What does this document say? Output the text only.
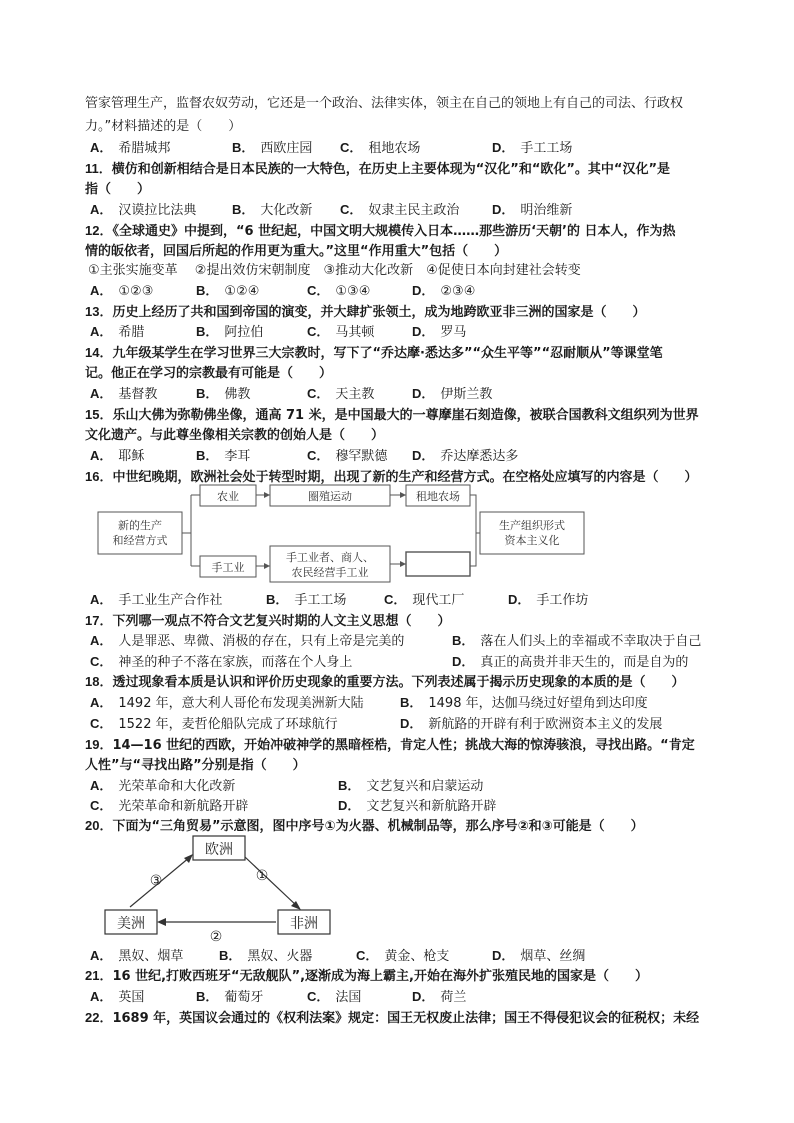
管家管理生产，监督农奴劳动，它还是一个政治、法律实体，领主在自己的领地上有自己的司法、行政权
力。”材料描述的是（　　）
A． 希腊城邦	B． 西欧庄园 C． 租地农场	D． 手工工场
11．横仿和创新相结合是日本民族的一大特色，在历史上主要体现为“汉化”和“欧化”。其中“汉化”是
指（　　）
A． 汉谟拉比法典	B． 大化改新 C． 奴隶主民主政治	D． 明治维新
12．《全球通史》中提到，“6 世纪起，中国文明大规模传入日本……那些游历‘天朝’的 日本人，作为热
情的皈依者，回国后所起的作用更为重大。”这里“作用重大”包括（　　）
①主张实施变革　 ②提出效仿宋朝制度　③推动大化改新　④促使日本向封建社会转变
A． ①②③	B． ①②④	C． ①③④	D． ②③④
13．历史上经历了共和国到帝国的演变，并大肆扩张领土，成为地跨欧亚非三洲的国家是（　　）
A． 希腊	B． 阿拉伯	C． 马其顿	D． 罗马
14．九年级某学生在学习世界三大宗教时，写下了“乔达摩·悉达多”“众生平等”“忍耐顺从”等课堂笔
记。他正在学习的宗教最有可能是（　　）
A． 基督教	B． 佛教	C． 天主教	D． 伊斯兰教
15．乐山大佛为弥勒佛坐像，通高 71 米，是中国最大的一尊摩崖石刻造像，被联合国教科文组织列为世界
文化遗产。与此尊坐像相关宗教的创始人是（　　）
A． 耶稣	B． 李耳	C． 穆罕默德 D． 乔达摩悉达多
16．中世纪晚期，欧洲社会处于转型时期，出现了新的生产和经营方式。在空格处应填写的内容是（　　）
新的生产
和经营方式
农业	圈殖运动	租地农场
手工业
手工业者、商人、
农民经营手工业
生产组织形式
资本主义化
A． 手工业生产合作社	B． 手工工场	C． 现代工厂	D． 手工作坊
17．下列哪一观点不符合文艺复兴时期的人文主义思想（　　）
A． 人是罪恶、卑微、消极的存在，只有上帝是完美的	B． 落在人们头上的幸福或不幸取决于自己
C． 神圣的种子不落在家族，而落在个人身上	D． 真正的高贵并非天生的，而是自为的
18．透过现象看本质是认识和评价历史现象的重要方法。下列表述属于揭示历史现象的本质的是（　　）
A． 1492 年，意大利人哥伦布发现美洲新大陆	B． 1498 年，达伽马绕过好望角到达印度
C． 1522 年，麦哲伦船队完成了环球航行	D． 新航路的开辟有利于欧洲资本主义的发展
19．14—16 世纪的西欧，开始冲破神学的黑暗桎梏，肯定人性；挑战大海的惊涛骇浪，寻找出路。“肯定
人性”与“寻找出路”分别是指（　　）
A． 光荣革命和大化改新	B． 文艺复兴和启蒙运动
C． 光荣革命和新航路开辟	D． 文艺复兴和新航路开辟
20．下面为“三角贸易”示意图，图中序号①为火器、机械制品等，那么序号②和③可能是（　　）
欧洲
美洲	非洲
①
②
③
A． 黑奴、烟草	B． 黑奴、火器	C． 黄金、枪支	D． 烟草、丝绸
21．16 世纪,打败西班牙“无敌舰队”,逐渐成为海上霸主,开始在海外扩张殖民地的国家是（　　）
A． 英国	B． 葡萄牙	C． 法国	D． 荷兰
22．1689 年，英国议会通过的《权利法案》规定：国王无权废止法律；国王不得侵犯议会的征税权；未经
